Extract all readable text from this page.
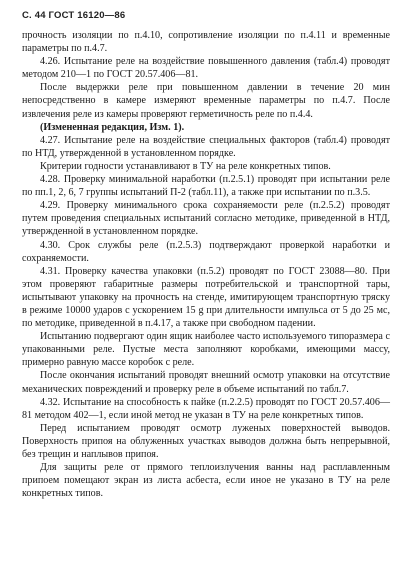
С. 44 ГОСТ 16120—86

прочность изоляции по п.4.10, сопротивление изоляции по п.4.11 и временные параметры по п.4.7.

4.26. Испытание реле на воздействие повышенного давления (табл.4) проводят методом 210—1 по ГОСТ 20.57.406—81.

После выдержки реле при повышенном давлении в течение 20 мин непосредственно в камере измеряют временные параметры по п.4.7. После извлечения реле из камеры проверяют герметичность реле по п.4.4.

(Измененная редакция, Изм. 1).

4.27. Испытание реле на воздействие специальных факторов (табл.4) проводят по НТД, утвержденной в установленном порядке.

Критерии годности устанавливают в ТУ на реле конкретных типов.

4.28. Проверку минимальной наработки (п.2.5.1) проводят при испытании реле по пп.1, 2, 6, 7 группы испытаний П-2 (табл.11), а также при испытании по п.3.5.

4.29. Проверку минимального срока сохраняемости реле (п.2.5.2) проводят путем проведения специальных испытаний согласно методике, приведенной в НТД, утвержденной в установленном порядке.

4.30. Срок службы реле (п.2.5.3) подтверждают проверкой наработки и сохраняемости.

4.31. Проверку качества упаковки (п.5.2) проводят по ГОСТ 23088—80. При этом проверяют габаритные размеры потребительской и транспортной тары, испытывают упаковку на прочность на стенде, имитирующем транспортную тряску в режиме 10000 ударов с ускорением 15 g при длительности импульса от 5 до 25 мс, по методике, приведенной в п.4.17, а также при свободном падении.

Испытанию подвергают один ящик наиболее часто используемого типоразмера с упакованными реле. Пустые места заполняют коробками, имеющими массу, примерно равную массе коробок с реле.

После окончания испытаний проводят внешний осмотр упаковки на отсутствие механических повреждений и проверку реле в объеме испытаний по табл.7.

4.32. Испытание на способность к пайке (п.2.2.5) проводят по ГОСТ 20.57.406—81 методом 402—1, если иной метод не указан в ТУ на реле конкретных типов.

Перед испытанием проводят осмотр луженых поверхностей выводов. Поверхность припоя на облуженных участках выводов должна быть непрерывной, без трещин и наплывов припоя.

Для защиты реле от прямого теплоизлучения ванны над расплавленным припоем помещают экран из листа асбеста, если иное не указано в ТУ на реле конкретных типов.
